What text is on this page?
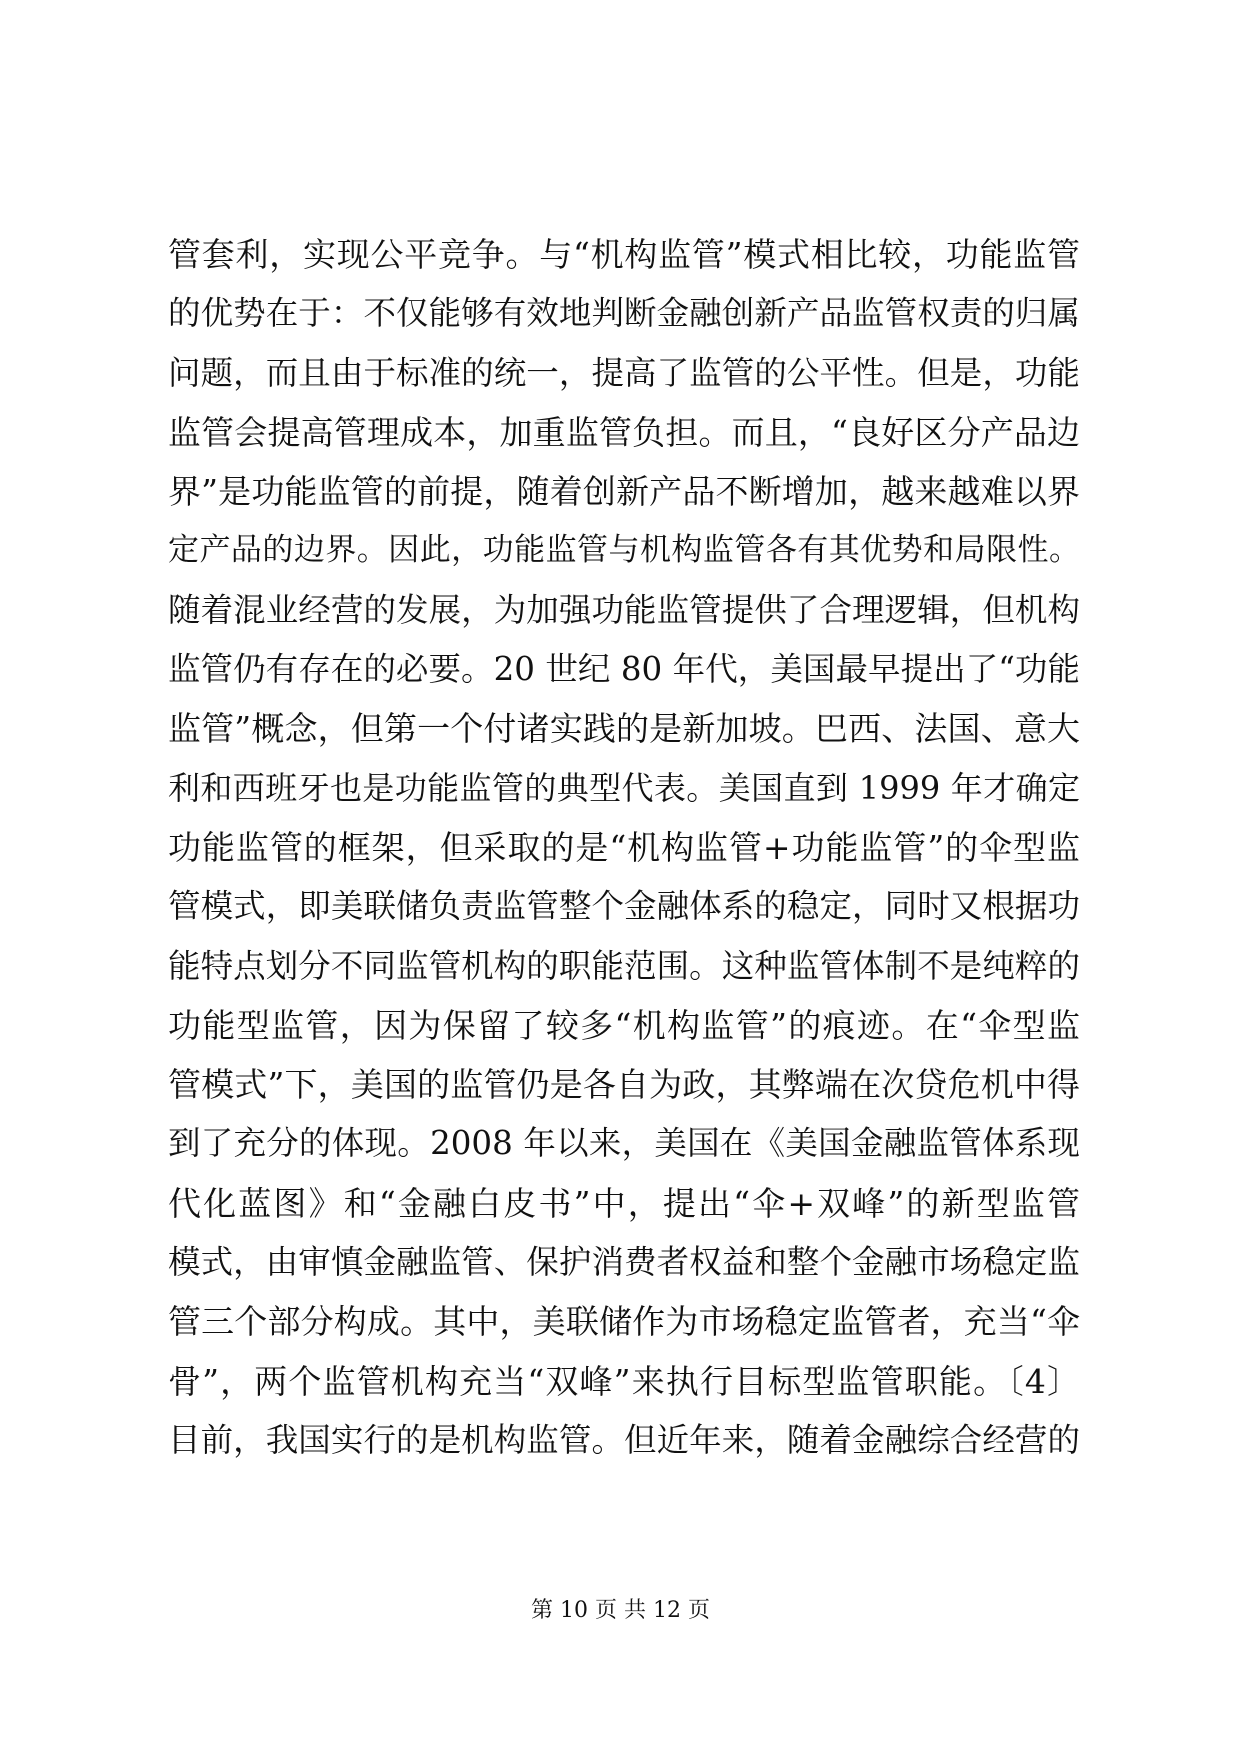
管套利，实现公平竞争。与“机构监管”模式相比较，功能监管
的优势在于：不仅能够有效地判断金融创新产品监管权责的归属
问题，而且由于标准的统一，提高了监管的公平性。但是，功能
监管会提高管理成本，加重监管负担。而且，“良好区分产品边
界”是功能监管的前提，随着创新产品不断增加，越来越难以界
定产品的边界。因此，功能监管与机构监管各有其优势和局限性。
随着混业经营的发展，为加强功能监管提供了合理逻辑，但机构
监管仍有存在的必要。20 世纪 80 年代，美国最早提出了“功能
监管”概念，但第一个付诸实践的是新加坡。巴西、法国、意大
利和西班牙也是功能监管的典型代表。美国直到 1999 年才确定
功能监管的框架，但采取的是“机构监管+功能监管”的伞型监
管模式，即美联储负责监管整个金融体系的稳定，同时又根据功
能特点划分不同监管机构的职能范围。这种监管体制不是纯粹的
功能型监管，因为保留了较多“机构监管”的痕迹。在“伞型监
管模式”下，美国的监管仍是各自为政，其弊端在次贷危机中得
到了充分的体现。2008 年以来，美国在《美国金融监管体系现
代化蓝图》和“金融白皮书”中，提出“伞+双峰”的新型监管
模式，由审慎金融监管、保护消费者权益和整个金融市场稳定监
管三个部分构成。其中，美联储作为市场稳定监管者，充当“伞
骨”，两个监管机构充当“双峰”来执行目标型监管职能。〔4〕
目前，我国实行的是机构监管。但近年来，随着金融综合经营的
第 10 页 共 12 页
